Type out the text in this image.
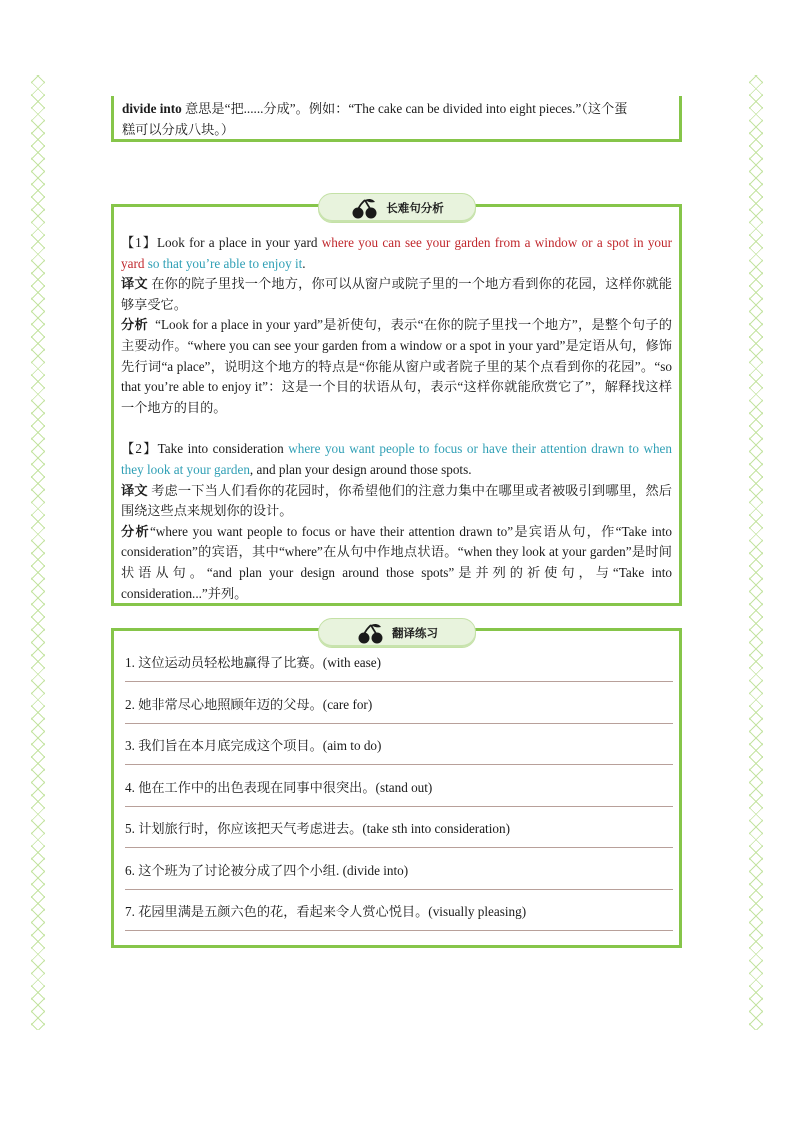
divide into 意思是“把......分成”。例如：“The cake can be divided into eight pieces.”（这个蛋

糕可以分成八块。）

长难句分析

【1】Look for a place in your yard where you can see your garden from a window or a spot in your yard so that you’re able to enjoy it.

译文 在你的院子里找一个地方，你可以从窗户或院子里的一个地方看到你的花园，这样你就能够享受它。

分析 “Look for a place in your yard”是祈使句，表示“在你的院子里找一个地方”，是整个句子的主要动作。“where you can see your garden from a window or a spot in your yard”是定语从句，修饰先行词“a place”，说明这个地方的特点是“你能从窗户或者院子里的某个点看到你的花园”。“so that you’re able to enjoy it”：这是一个目的状语从句，表示“这样你就能欣赏它了”，解释找这样一个地方的目的。

【2】Take into consideration where you want people to focus or have their attention drawn to when they look at your garden, and plan your design around those spots.

译文 考虑一下当人们看你的花园时，你希望他们的注意力集中在哪里或者被吸引到哪里，然后围绕这些点来规划你的设计。

分析“where you want people to focus or have their attention drawn to”是宾语从句，作“Take into consideration”的宾语，其中“where”在从句中作地点状语。“when they look at your garden”是时间状语从句。“and plan your design around those spots”是并列的祈使句，与“Take into consideration...”并列。

翻译练习

1. 这位运动员轻松地赢得了比赛。(with ease)

2. 她非常尽心地照顾年迈的父母。(care for)

3. 我们旨在本月底完成这个项目。(aim to do)

4. 他在工作中的出色表现在同事中很突出。(stand out)

5. 计划旅行时，你应该把天气考虑进去。(take sth into consideration)

6. 这个班为了讨论被分成了四个小组. (divide into)

7. 花园里满是五颜六色的花，看起来令人赏心悦目。(visually pleasing)
